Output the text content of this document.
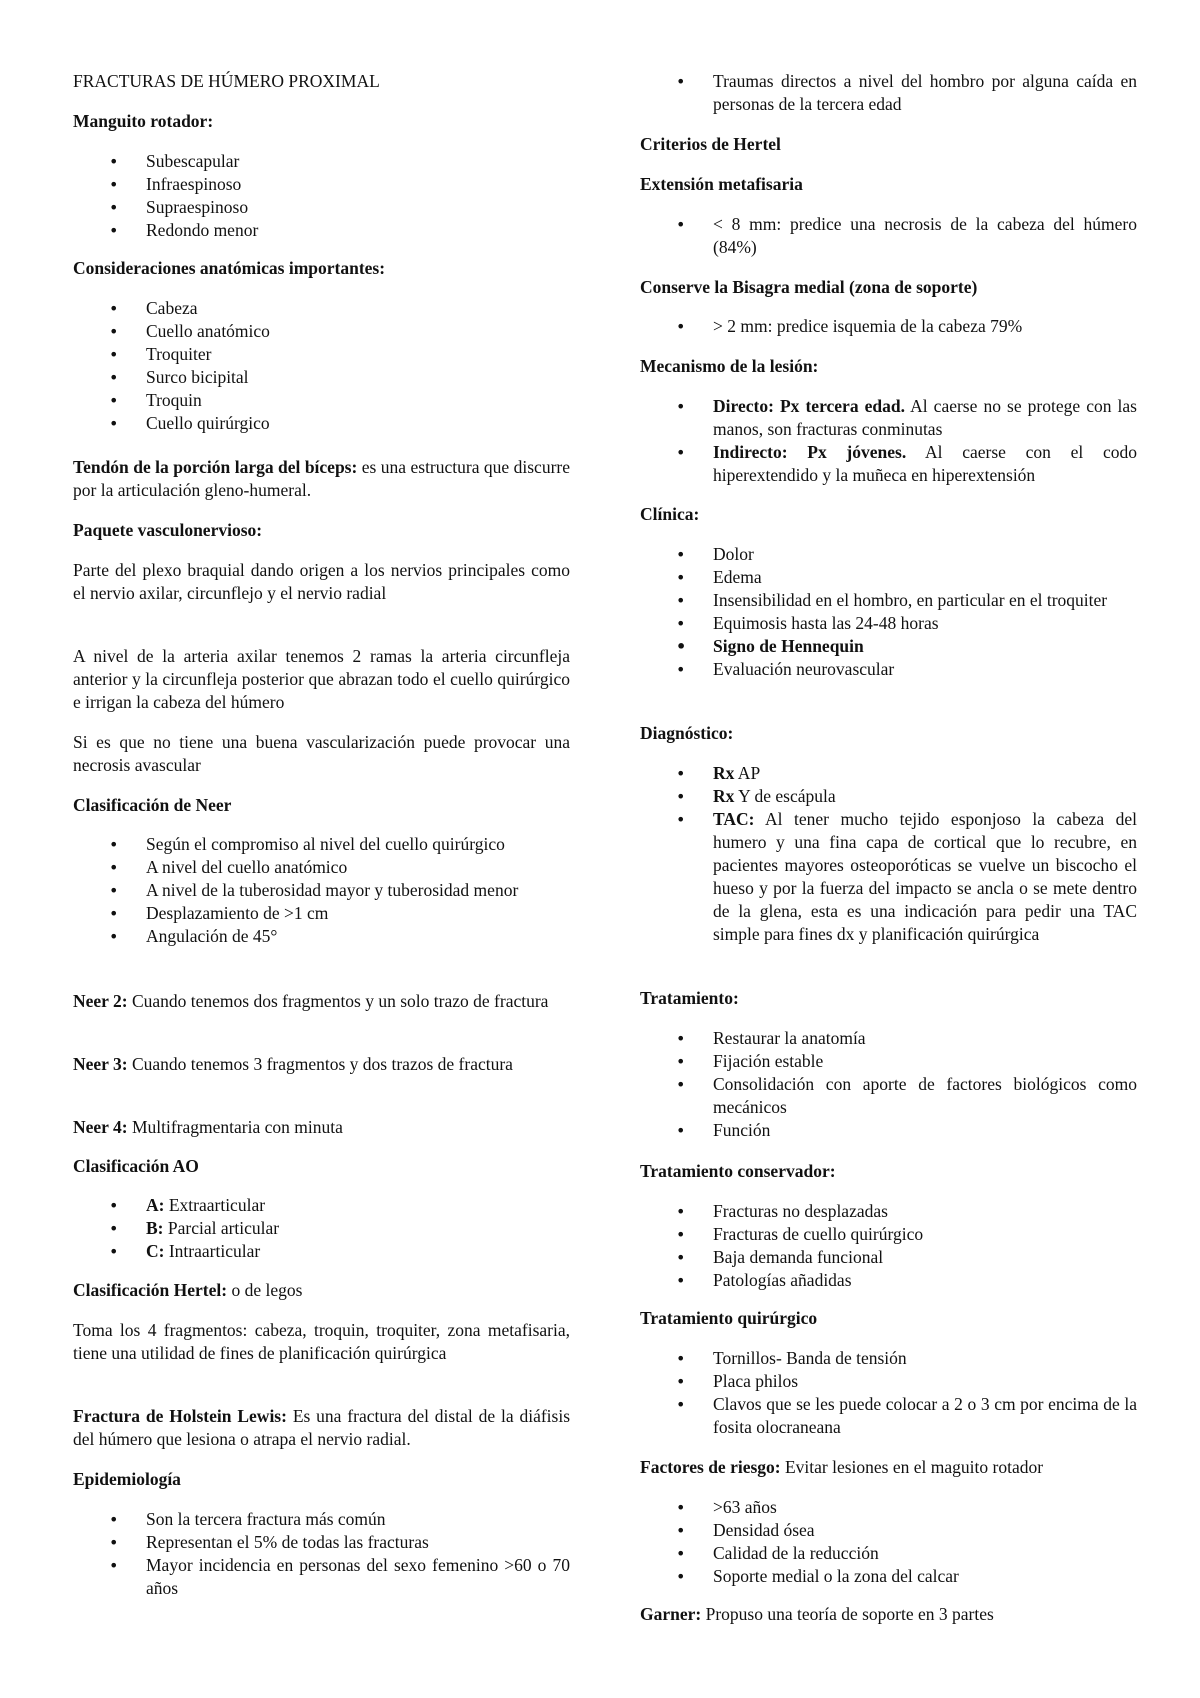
FRACTURAS DE HÚMERO PROXIMAL

Manguito rotador:

• Subescapular
• Infraespinoso
• Supraespinoso
• Redondo menor

Consideraciones anatómicas importantes:

• Cabeza
• Cuello anatómico
• Troquiter
• Surco bicipital
• Troquin
• Cuello quirúrgico

Tendón de la porción larga del bíceps: es una estructura que discurre por la articulación gleno-humeral.

Paquete vasculonervioso:

Parte del plexo braquial dando origen a los nervios principales como el nervio axilar, circunflejo y el nervio radial

A nivel de la arteria axilar tenemos 2 ramas la arteria circunfleja anterior y la circunfleja posterior que abrazan todo el cuello quirúrgico e irrigan la cabeza del húmero

Si es que no tiene una buena vascularización puede provocar una necrosis avascular

Clasificación de Neer

• Según el compromiso al nivel del cuello quirúrgico
• A nivel del cuello anatómico
• A nivel de la tuberosidad mayor y tuberosidad menor
• Desplazamiento de >1 cm
• Angulación de 45°

Neer 2: Cuando tenemos dos fragmentos y un solo trazo de fractura

Neer 3: Cuando tenemos 3 fragmentos y dos trazos de fractura

Neer 4: Multifragmentaria con minuta

Clasificación AO

• A: Extraarticular
• B: Parcial articular
• C: Intraarticular

Clasificación Hertel: o de legos

Toma los 4 fragmentos: cabeza, troquin, troquiter, zona metafisaria, tiene una utilidad de fines de planificación quirúrgica

Fractura de Holstein Lewis: Es una fractura del distal de la diáfisis del húmero que lesiona o atrapa el nervio radial.

Epidemiología

• Son la tercera fractura más común
• Representan el 5% de todas las fracturas
• Mayor incidencia en personas del sexo femenino >60 o 70 años
• Traumas directos a nivel del hombro por alguna caída en personas de la tercera edad

Criterios de Hertel

Extensión metafisaria

• < 8 mm: predice una necrosis de la cabeza del húmero (84%)

Conserve la Bisagra medial (zona de soporte)

• > 2 mm: predice isquemia de la cabeza 79%

Mecanismo de la lesión:

• Directo: Px tercera edad. Al caerse no se protege con las manos, son fracturas conminutas
• Indirecto: Px jóvenes. Al caerse con el codo hiperextendido y la muñeca en hiperextensión

Clínica:

• Dolor
• Edema
• Insensibilidad en el hombro, en particular en el troquiter
• Equimosis hasta las 24-48 horas
• Signo de Hennequin
• Evaluación neurovascular

Diagnóstico:

• Rx AP
• Rx Y de escápula
• TAC: Al tener mucho tejido esponjoso la cabeza del humero y una fina capa de cortical que lo recubre, en pacientes mayores osteoporóticas se vuelve un biscocho el hueso y por la fuerza del impacto se ancla o se mete dentro de la glena, esta es una indicación para pedir una TAC simple para fines dx y planificación quirúrgica

Tratamiento:

• Restaurar la anatomía
• Fijación estable
• Consolidación con aporte de factores biológicos como mecánicos
• Función

Tratamiento conservador:

• Fracturas no desplazadas
• Fracturas de cuello quirúrgico
• Baja demanda funcional
• Patologías añadidas

Tratamiento quirúrgico

• Tornillos- Banda de tensión
• Placa philos
• Clavos que se les puede colocar a 2 o 3 cm por encima de la fosita olocraneana

Factores de riesgo: Evitar lesiones en el maguito rotador

• >63 años
• Densidad ósea
• Calidad de la reducción
• Soporte medial o la zona del calcar

Garner: Propuso una teoría de soporte en 3 partes
